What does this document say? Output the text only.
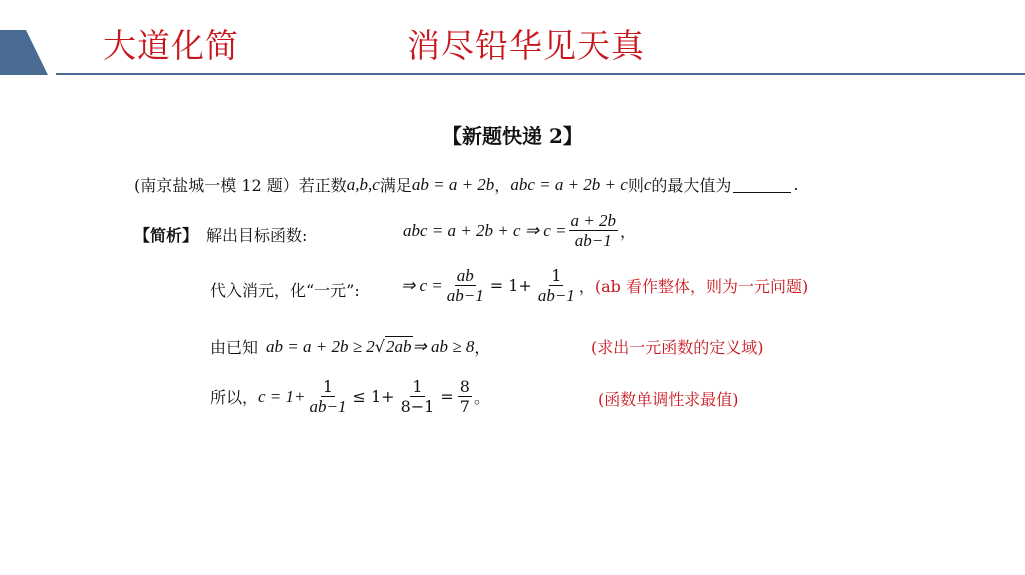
大道化简	消尽铅华见天真
【新题快递 2】
(南京盐城一模 12 题）若正数 a,b,c 满足 ab = a + 2b ， abc = a + 2b + c 则 c 的最大值为	.
【简析】 解出目标函数:	abc = a + 2b + c ⇒ $c = \frac{a + 2b}{ab-1}$ ，
代入消元，化“一元”: ⇒ $c = \frac{ab}{ab-1} = 1+ \frac{1}{ab-1}$ ， (ab 看作整体，则为一元问题)
由已知 ab = a + 2b ≥ 2 √ 2ab ⇒ ab ≥ 8 ，	(求出一元函数的定义域)
所以， $c = 1+ \frac{1}{ab-1} \le 1+ \frac{1}{8-1} = \frac{8}{7}$ 。	(函数单调性求最值)
